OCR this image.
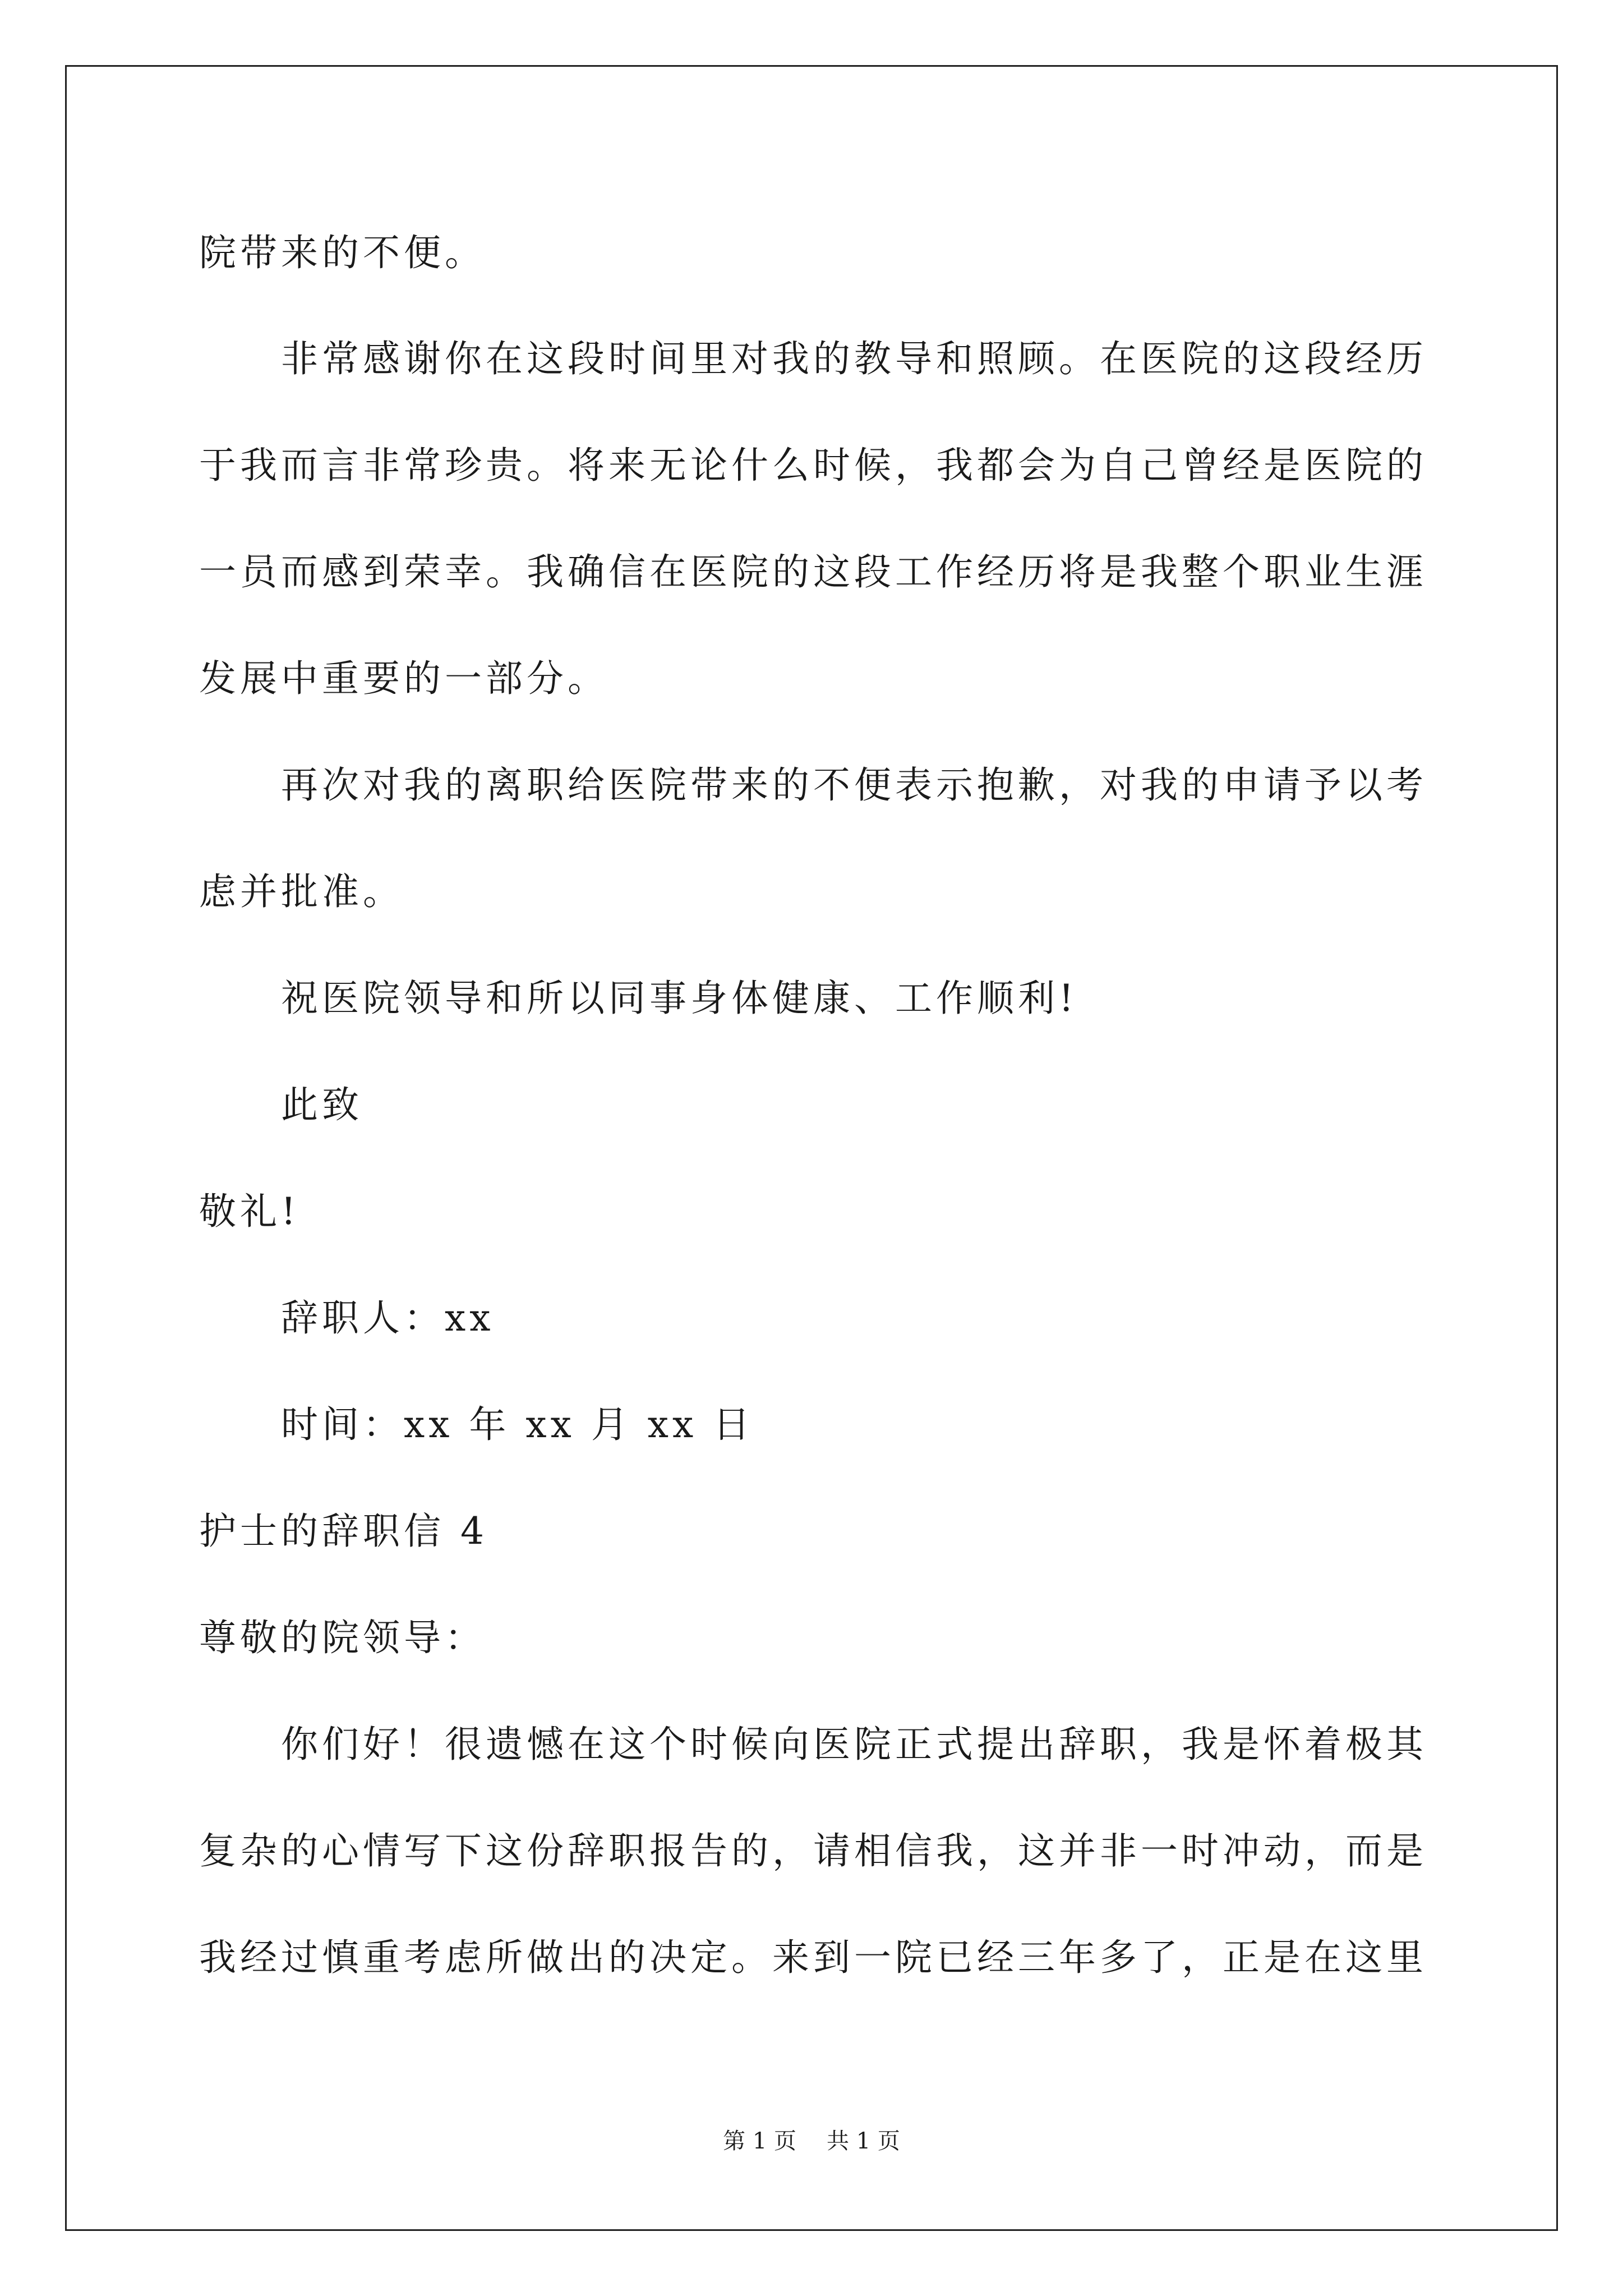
院带来的不便。
非常感谢你在这段时间里对我的教导和照顾。在医院的这段经历
于我而言非常珍贵。将来无论什么时候，我都会为自己曾经是医院的
一员而感到荣幸。我确信在医院的这段工作经历将是我整个职业生涯
发展中重要的一部分。
再次对我的离职给医院带来的不便表示抱歉，对我的申请予以考
虑并批准。
祝医院领导和所以同事身体健康、工作顺利!
此致
敬礼!
辞职人：xx
时间：xx 年 xx 月 xx 日
护士的辞职信 4
尊敬的院领导：
你们好！很遗憾在这个时候向医院正式提出辞职，我是怀着极其
复杂的心情写下这份辞职报告的，请相信我，这并非一时冲动，而是
我经过慎重考虑所做出的决定。来到一院已经三年多了，正是在这里
第 1 页 共 1 页
